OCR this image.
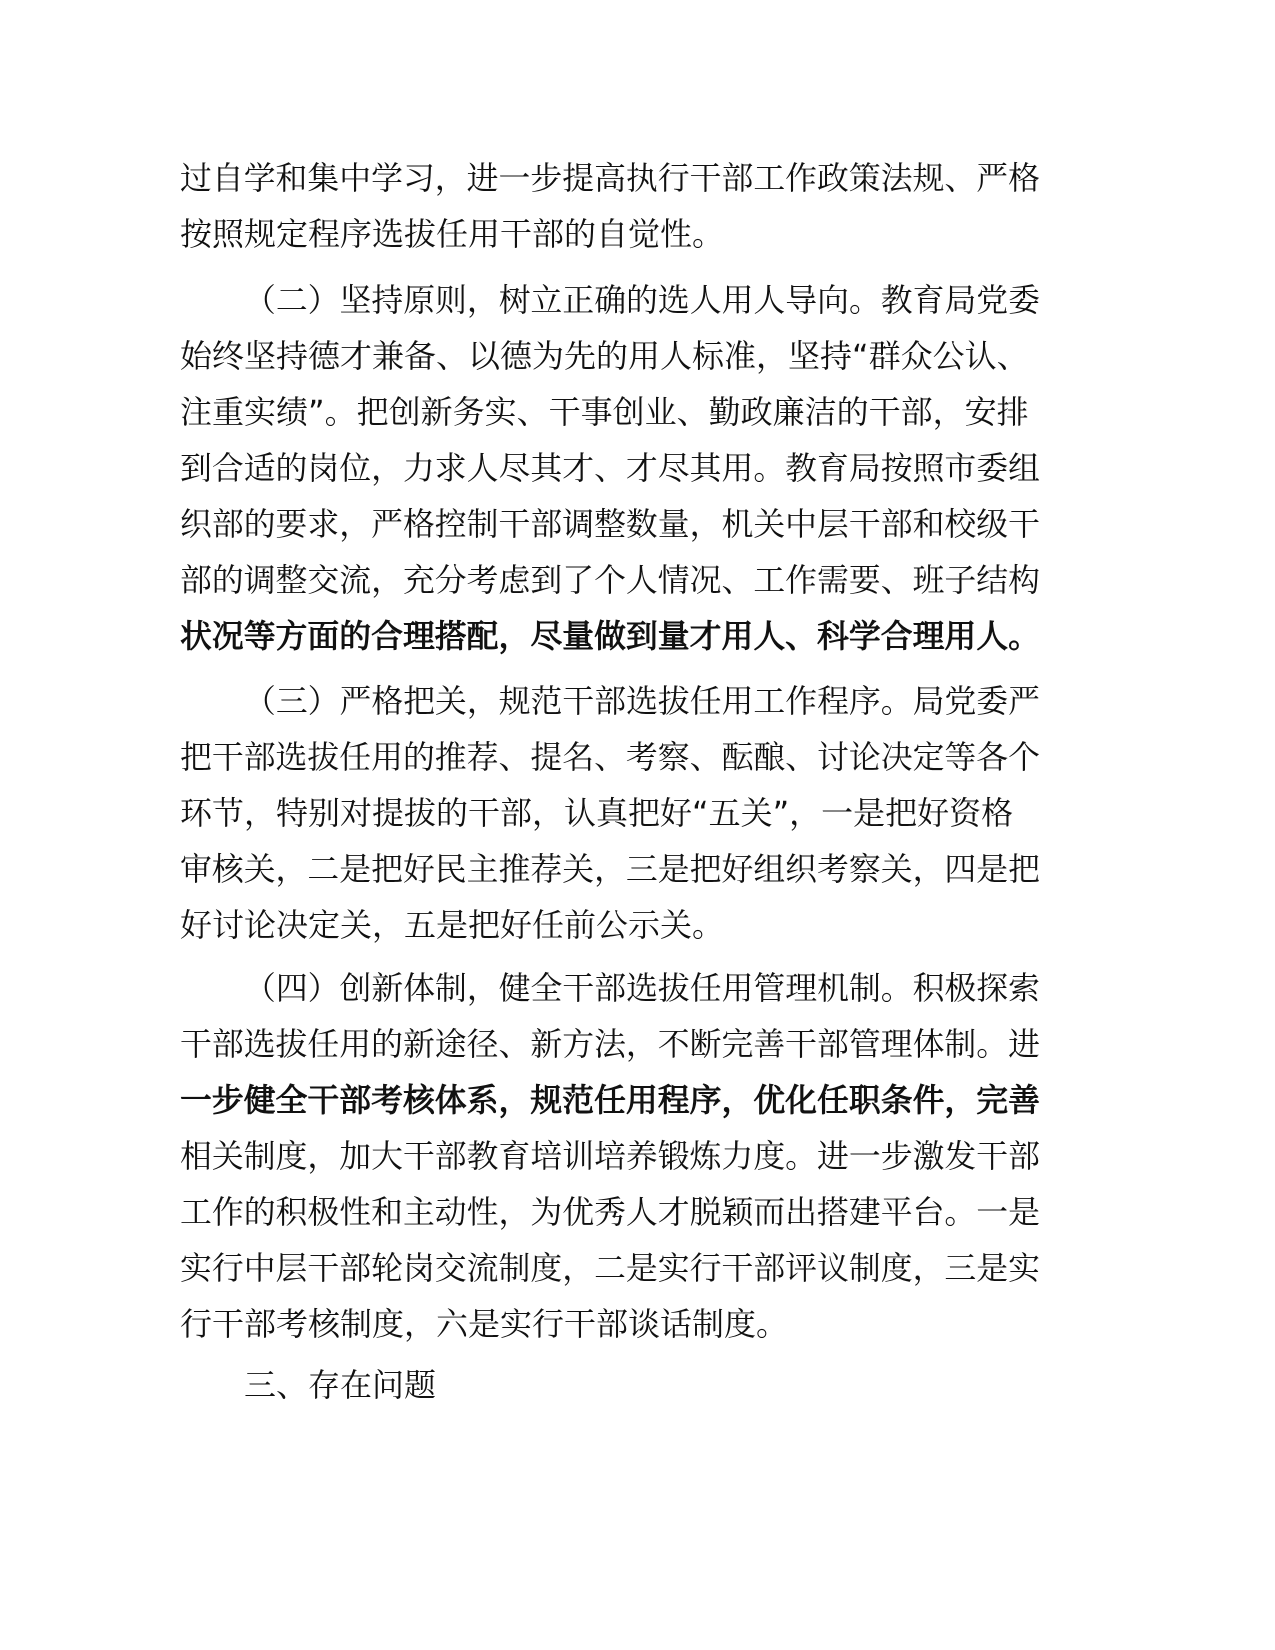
过自学和集中学习，进一步提高执行干部工作政策法规、严格
按照规定程序选拔任用干部的自觉性。
（二）坚持原则，树立正确的选人用人导向。教育局党委
始终坚持德才兼备、以德为先的用人标准，坚持“群众公认、
注重实绩”。把创新务实、干事创业、勤政廉洁的干部，安排
到合适的岗位，力求人尽其才、才尽其用。教育局按照市委组
织部的要求，严格控制干部调整数量，机关中层干部和校级干
部的调整交流，充分考虑到了个人情况、工作需要、班子结构
状况等方面的合理搭配，尽量做到量才用人、科学合理用人。
（三）严格把关，规范干部选拔任用工作程序。局党委严
把干部选拔任用的推荐、提名、考察、酝酿、讨论决定等各个
环节，特别对提拔的干部，认真把好“五关”，一是把好资格
审核关，二是把好民主推荐关，三是把好组织考察关，四是把
好讨论决定关，五是把好任前公示关。
（四）创新体制，健全干部选拔任用管理机制。积极探索
干部选拔任用的新途径、新方法，不断完善干部管理体制。进
一步健全干部考核体系，规范任用程序，优化任职条件，完善
相关制度，加大干部教育培训培养锻炼力度。进一步激发干部
工作的积极性和主动性，为优秀人才脱颖而出搭建平台。一是
实行中层干部轮岗交流制度，二是实行干部评议制度，三是实
行干部考核制度，六是实行干部谈话制度。
三、存在问题
